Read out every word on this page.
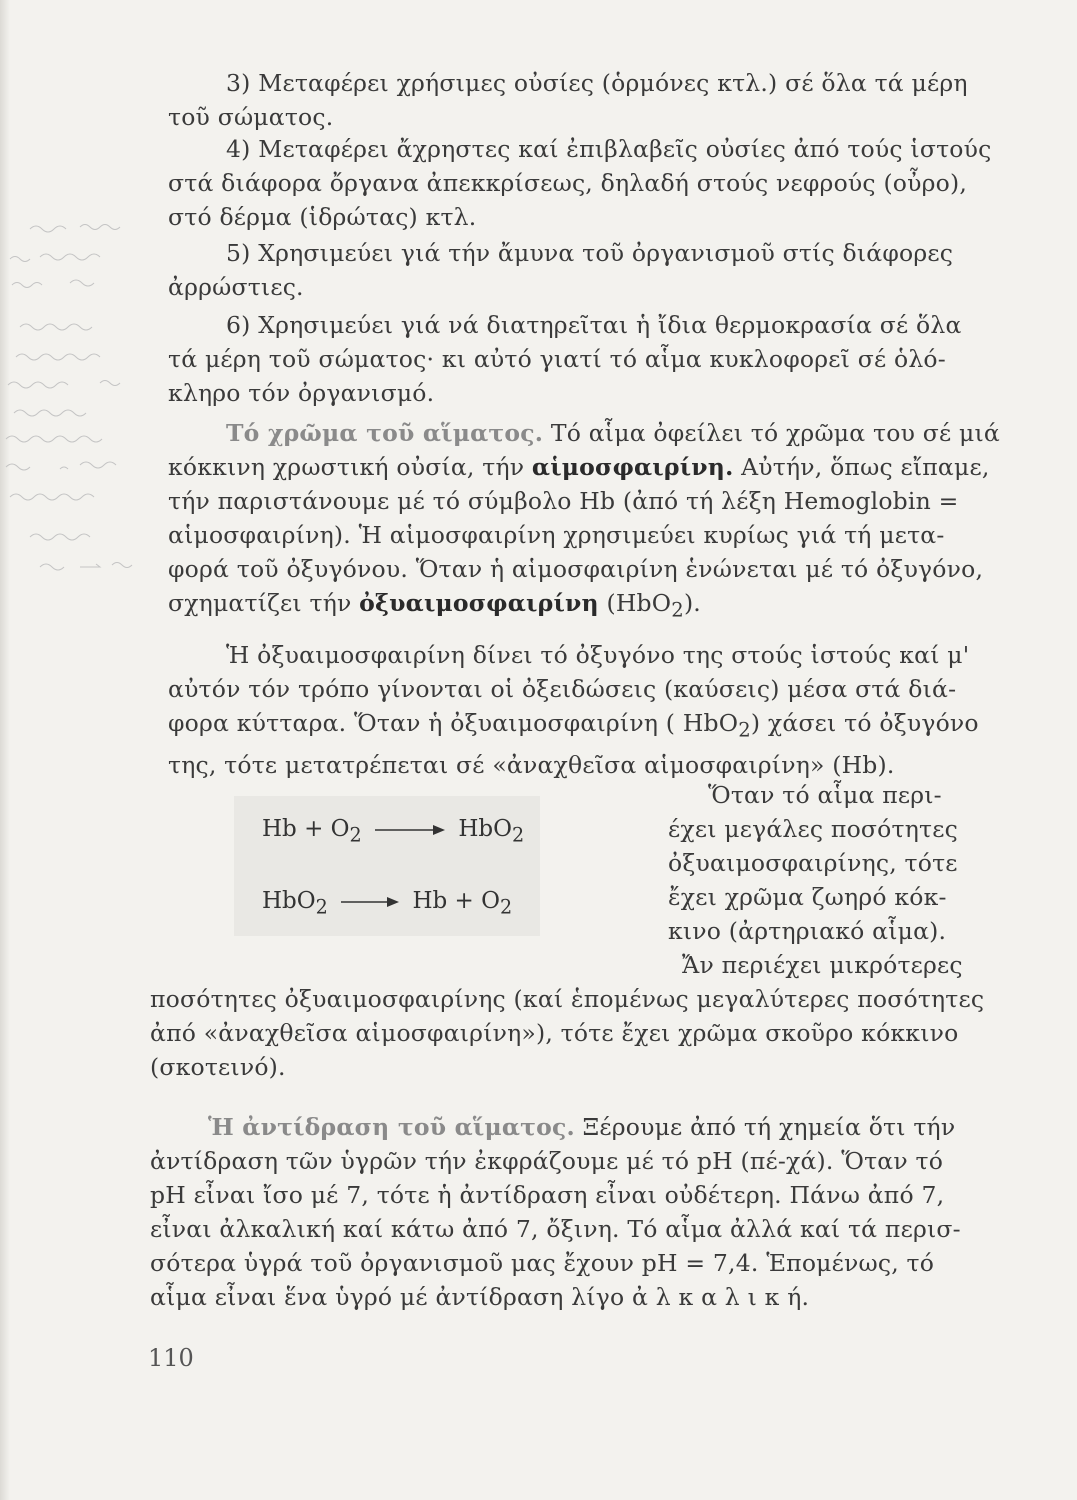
3) Μεταφέρει χρήσιμες οὐσίες (ὁρμόνες κτλ.) σέ ὅλα τά μέρη
τοῦ σώματος.

4) Μεταφέρει ἄχρηστες καί ἐπιβλαβεῖς οὐσίες ἀπό τούς ἱστούς
στά διάφορα ὄργανα ἀπεκκρίσεως, δηλαδή στούς νεφρούς (οὖρο),
στό δέρμα (ἱδρώτας) κτλ.

5) Χρησιμεύει γιά τήν ἄμυνα τοῦ ὀργανισμοῦ στίς διάφορες
ἀρρώστιες.

6) Χρησιμεύει γιά νά διατηρεῖται ἡ ἴδια θερμοκρασία σέ ὅλα
τά μέρη τοῦ σώματος· κι αὐτό γιατί τό αἷμα κυκλοφορεῖ σέ ὁλό-
κληρο τόν ὀργανισμό.

Τό χρῶμα τοῦ αἵματος. Τό αἷμα ὀφείλει τό χρῶμα του σέ μιά
κόκκινη χρωστική οὐσία, τήν αἱμοσφαιρίνη. Αὐτήν, ὅπως εἴπαμε,
τήν παριστάνουμε μέ τό σύμβολο Hb (ἀπό τή λέξη Hemoglobin =
αἱμοσφαιρίνη). Ἡ αἱμοσφαιρίνη χρησιμεύει κυρίως γιά τή μετα-
φορά τοῦ ὀξυγόνου. Ὅταν ἡ αἱμοσφαιρίνη ἑνώνεται μέ τό ὀξυγόνο,
σχηματίζει τήν ὀξυαιμοσφαιρίνη (HbO$_2$).

Ἡ ὀξυαιμοσφαιρίνη δίνει τό ὀξυγόνο της στούς ἱστούς καί μ'
αὐτόν τόν τρόπο γίνονται οἱ ὀξειδώσεις (καύσεις) μέσα στά διά-
φορα κύτταρα. Ὅταν ἡ ὀξυαιμοσφαιρίνη ( HbO$_2$) χάσει τό ὀξυγόνο
της, τότε μετατρέπεται σέ «ἀναχθεῖσα αἱμοσφαιρίνη» (Hb).

$Hb + O_2$	HbO$_2$
HbO$_2$	$Hb + O_2$
Ὅταν τό αἷμα περι-
έχει μεγάλες ποσότητες
ὀξυαιμοσφαιρίνης, τότε
ἔχει χρῶμα ζωηρό κόκ-
κινο (ἀρτηριακό αἷμα).
Ἄν περιέχει μικρότερες

ποσότητες ὀξυαιμοσφαιρίνης (καί ἑπομένως μεγαλύτερες ποσότητες
ἀπό «ἀναχθεῖσα αἱμοσφαιρίνη»), τότε ἔχει χρῶμα σκοῦρο κόκκινο
(σκοτεινό).

Ἡ ἀντίδραση τοῦ αἵματος. Ξέρουμε ἀπό τή χημεία ὅτι τήν
ἀντίδραση τῶν ὑγρῶν τήν ἐκφράζουμε μέ τό pH (πέ-χά). Ὅταν τό
pH εἶναι ἴσο μέ 7, τότε ἡ ἀντίδραση εἶναι οὐδέτερη. Πάνω ἀπό 7,
εἶναι ἀλκαλική καί κάτω ἀπό 7, ὄξινη. Τό αἷμα ἀλλά καί τά περισ-
σότερα ὑγρά τοῦ ὀργανισμοῦ μας ἔχουν pH = 7,4. Ἑπομένως, τό
αἷμα εἶναι ἕνα ὑγρό μέ ἀντίδραση λίγο ἀ λ κ α λ ι κ ή.

110
